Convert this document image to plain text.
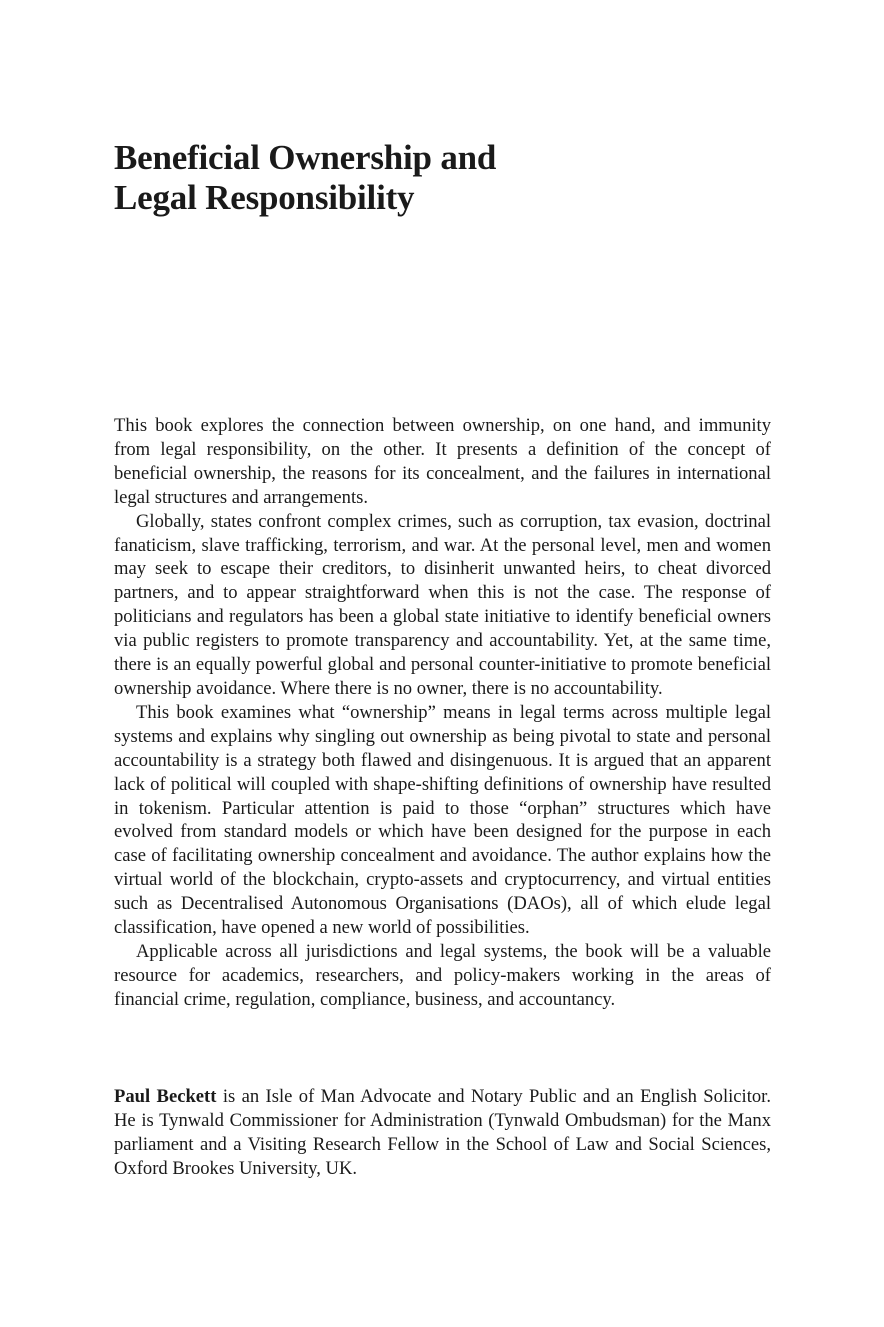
Beneficial Ownership and
Legal Responsibility

This book explores the connection between ownership, on one hand, and immunity from legal responsibility, on the other. It presents a definition of the concept of beneficial ownership, the reasons for its concealment, and the failures in international legal structures and arrangements.

Globally, states confront complex crimes, such as corruption, tax evasion, doctrinal fanaticism, slave trafficking, terrorism, and war. At the personal level, men and women may seek to escape their creditors, to disinherit unwanted heirs, to cheat divorced partners, and to appear straightforward when this is not the case. The response of politicians and regulators has been a global state initiative to identify beneficial owners via public registers to promote transparency and accountability. Yet, at the same time, there is an equally powerful global and personal counter-initiative to promote beneficial ownership avoidance. Where there is no owner, there is no accountability.

This book examines what “ownership” means in legal terms across multiple legal systems and explains why singling out ownership as being pivotal to state and personal accountability is a strategy both flawed and disingenuous. It is argued that an apparent lack of political will coupled with shape-shifting definitions of ownership have resulted in tokenism. Particular attention is paid to those “orphan” structures which have evolved from standard models or which have been designed for the purpose in each case of facilitating ownership concealment and avoidance. The author explains how the virtual world of the blockchain, crypto-assets and cryptocurrency, and virtual entities such as Decentralised Autonomous Organisations (DAOs), all of which elude legal classification, have opened a new world of possibilities.

Applicable across all jurisdictions and legal systems, the book will be a valuable resource for academics, researchers, and policy-makers working in the areas of financial crime, regulation, compliance, business, and accountancy.

Paul Beckett is an Isle of Man Advocate and Notary Public and an English Solicitor. He is Tynwald Commissioner for Administration (Tynwald Ombudsman) for the Manx parliament and a Visiting Research Fellow in the School of Law and Social Sciences, Oxford Brookes University, UK.
